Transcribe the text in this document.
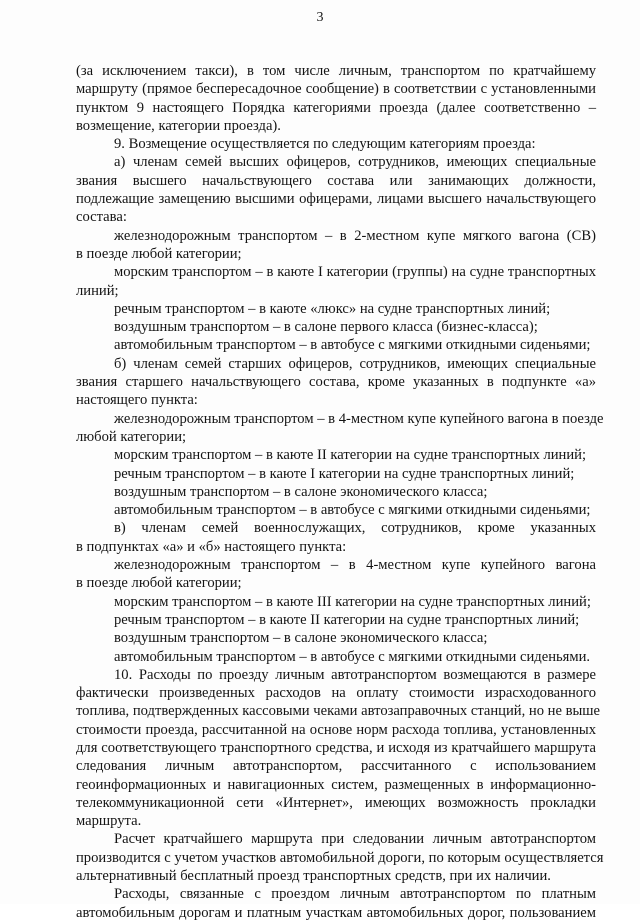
3
(за исключением такси), в том числе личным, транспортом по кратчайшему
маршруту (прямое беспересадочное сообщение) в соответствии с установленными
пунктом 9 настоящего Порядка категориями проезда (далее соответственно –
возмещение, категории проезда).
9. Возмещение осуществляется по следующим категориям проезда:
а) членам семей высших офицеров, сотрудников, имеющих специальные
звания высшего начальствующего состава или занимающих должности,
подлежащие замещению высшими офицерами, лицами высшего начальствующего
состава:
железнодорожным транспортом – в 2-местном купе мягкого вагона (СВ)
в поезде любой категории;
морским транспортом – в каюте I категории (группы) на судне транспортных
линий;
речным транспортом – в каюте «люкс» на судне транспортных линий;
воздушным транспортом – в салоне первого класса (бизнес-класса);
автомобильным транспортом – в автобусе с мягкими откидными сиденьями;
б) членам семей старших офицеров, сотрудников, имеющих специальные
звания старшего начальствующего состава, кроме указанных в подпункте «а»
настоящего пункта:
железнодорожным транспортом – в 4-местном купе купейного вагона в поезде
любой категории;
морским транспортом – в каюте II категории на судне транспортных линий;
речным транспортом – в каюте I категории на судне транспортных линий;
воздушным транспортом – в салоне экономического класса;
автомобильным транспортом – в автобусе с мягкими откидными сиденьями;
в) членам семей военнослужащих, сотрудников, кроме указанных
в подпунктах «а» и «б» настоящего пункта:
железнодорожным транспортом – в 4-местном купе купейного вагона
в поезде любой категории;
морским транспортом – в каюте III категории на судне транспортных линий;
речным транспортом – в каюте II категории на судне транспортных линий;
воздушным транспортом – в салоне экономического класса;
автомобильным транспортом – в автобусе с мягкими откидными сиденьями.
10. Расходы по проезду личным автотранспортом возмещаются в размере
фактически произведенных расходов на оплату стоимости израсходованного
топлива, подтвержденных кассовыми чеками автозаправочных станций, но не выше
стоимости проезда, рассчитанной на основе норм расхода топлива, установленных
для соответствующего транспортного средства, и исходя из кратчайшего маршрута
следования личным автотранспортом, рассчитанного с использованием
геоинформационных и навигационных систем, размещенных в информационно-
телекоммуникационной сети «Интернет», имеющих возможность прокладки
маршрута.
Расчет кратчайшего маршрута при следовании личным автотранспортом
производится с учетом участков автомобильной дороги, по которым осуществляется
альтернативный бесплатный проезд транспортных средств, при их наличии.
Расходы, связанные с проездом личным автотранспортом по платным
автомобильным дорогам и платным участкам автомобильных дорог, пользованием
